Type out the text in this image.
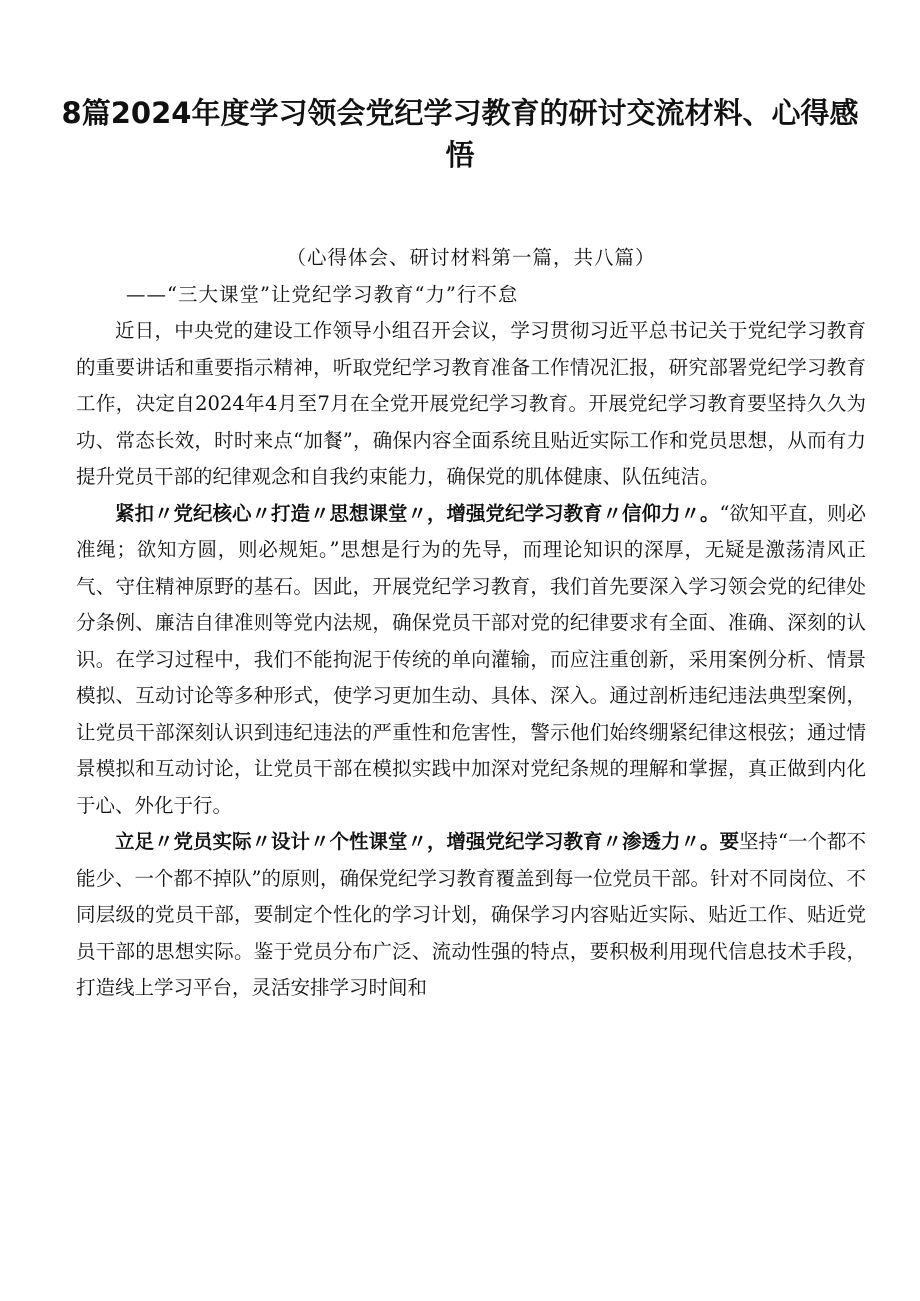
8篇2024年度学习领会党纪学习教育的研讨交流材料、心得感悟

（心得体会、研讨材料第一篇，共八篇）

——“三大课堂”让党纪学习教育“力”行不怠

近日，中央党的建设工作领导小组召开会议，学习贯彻习近平总书记关于党纪学习教育的重要讲话和重要指示精神，听取党纪学习教育准备工作情况汇报，研究部署党纪学习教育工作，决定自2024年4月至7月在全党开展党纪学习教育。开展党纪学习教育要坚持久久为功、常态长效，时时来点“加餐”，确保内容全面系统且贴近实际工作和党员思想，从而有力提升党员干部的纪律观念和自我约束能力，确保党的肌体健康、队伍纯洁。

紧扣〃党纪核心〃打造〃思想课堂〃，增强党纪学习教育〃信仰力〃。“欲知平直，则必准绳；欲知方圆，则必规矩。”思想是行为的先导，而理论知识的深厚，无疑是激荡清风正气、守住精神原野的基石。因此，开展党纪学习教育，我们首先要深入学习领会党的纪律处分条例、廉洁自律准则等党内法规，确保党员干部对党的纪律要求有全面、准确、深刻的认识。在学习过程中，我们不能拘泥于传统的单向灌输，而应注重创新，采用案例分析、情景模拟、互动讨论等多种形式，使学习更加生动、具体、深入。通过剖析违纪违法典型案例，让党员干部深刻认识到违纪违法的严重性和危害性，警示他们始终绷紧纪律这根弦；通过情景模拟和互动讨论，让党员干部在模拟实践中加深对党纪条规的理解和掌握，真正做到内化于心、外化于行。

立足〃党员实际〃设计〃个性课堂〃，增强党纪学习教育〃渗透力〃。要坚持“一个都不能少、一个都不掉队”的原则，确保党纪学习教育覆盖到每一位党员干部。针对不同岗位、不同层级的党员干部，要制定个性化的学习计划，确保学习内容贴近实际、贴近工作、贴近党员干部的思想实际。鉴于党员分布广泛、流动性强的特点，要积极利用现代信息技术手段，打造线上学习平台，灵活安排学习时间和
